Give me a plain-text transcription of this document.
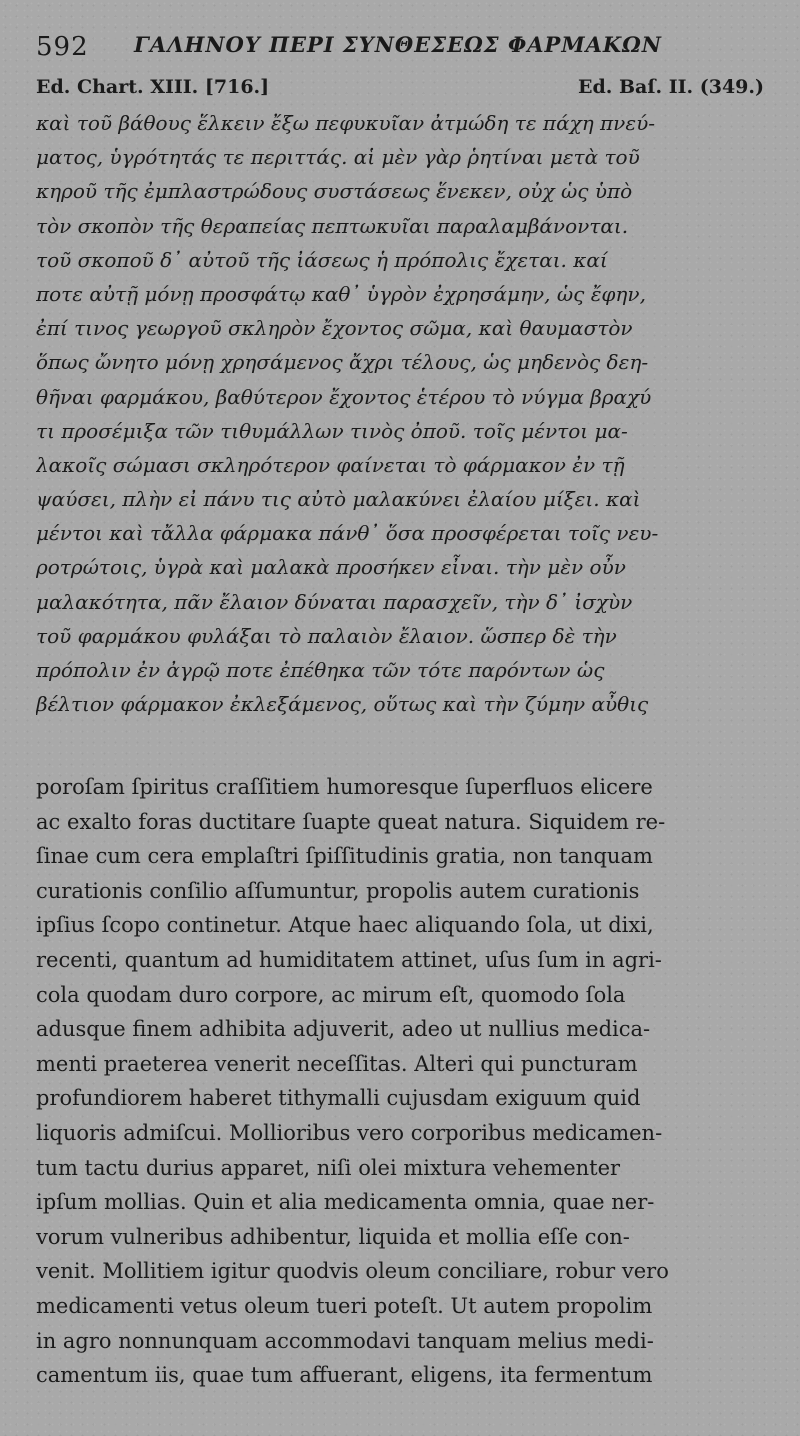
592 ΓΑΛΗΝΟΥ ΠΕΡΙ ΣΥΝΘΕΣΕΩΣ ΦΑΡΜΑΚΩΝ
Ed. Chart. XIII. [716.]	Ed. Baſ. II. (349.)
καὶ τοῦ βάθους ἕλκειν ἔξω πεφυκυῖαν ἀτμώδη τε πάχη πνεύ-
ματος, ὑγρότητάς τε περιττάς. αἱ μὲν γὰρ ῥητίναι μετὰ τοῦ
κηροῦ τῆς ἐμπλαστρώδους συστάσεως ἕνεκεν, οὐχ ὡς ὑπὸ
τὸν σκοπὸν τῆς θεραπείας πεπτωκυῖαι παραλαμβάνονται.
τοῦ σκοποῦ δ᾽ αὐτοῦ τῆς ἰάσεως ἡ πρόπολις ἔχεται. καί
ποτε αὐτῇ μόνῃ προσφάτῳ καθ᾽ ὑγρὸν ἐχρησάμην, ὡς ἔφην,
ἐπί τινος γεωργοῦ σκληρὸν ἔχοντος σῶμα, καὶ θαυμαστὸν
ὅπως ὤνητο μόνῃ χρησάμενος ἄχρι τέλους, ὡς μηδενὸς δεη-
θῆναι φαρμάκου, βαθύτερον ἔχοντος ἑτέρου τὸ νύγμα βραχύ
τι προσέμιξα τῶν τιθυμάλλων τινὸς ὀποῦ. τοῖς μέντοι μα-
λακοῖς σώμασι σκληρότερον φαίνεται τὸ φάρμακον ἐν τῇ
ψαύσει, πλὴν εἰ πάνυ τις αὐτὸ μαλακύνει ἐλαίου μίξει. καὶ
μέντοι καὶ τἄλλα φάρμακα πάνθ᾽ ὅσα προσφέρεται τοῖς νευ-
ροτρώτοις, ὑγρὰ καὶ μαλακὰ προσήκεν εἶναι. τὴν μὲν οὖν
μαλακότητα, πᾶν ἔλαιον δύναται παρασχεῖν, τὴν δ᾽ ἰσχὺν
τοῦ φαρμάκου φυλάξαι τὸ παλαιὸν ἔλαιον. ὥσπερ δὲ τὴν
πρόπολιν ἐν ἀγρῷ ποτε ἐπέθηκα τῶν τότε παρόντων ὡς
βέλτιον φάρμακον ἐκλεξάμενος, οὕτως καὶ τὴν ζύμην αὖθις
poroſam ſpiritus craſſitiem humoresque ſuperfluos elicere
ac exalto foras ductitare ſuapte queat natura. Siquidem re-
ſinae cum cera emplaſtri ſpiſſitudinis gratia, non tanquam
curationis conſilio aſſumuntur, propolis autem curationis
ipſius ſcopo continetur. Atque haec aliquando ſola, ut dixi,
recenti, quantum ad humiditatem attinet, uſus ſum in agri-
cola quodam duro corpore, ac mirum eſt, quomodo ſola
adusque finem adhibita adjuverit, adeo ut nullius medica-
menti praeterea venerit neceſſitas. Alteri qui puncturam
profundiorem haberet tithymalli cujusdam exiguum quid
liquoris admiſcui. Mollioribus vero corporibus medicamen-
tum tactu durius apparet, niſi olei mixtura vehementer
ipſum mollias. Quin et alia medicamenta omnia, quae ner-
vorum vulneribus adhibentur, liquida et mollia eſſe con-
venit. Mollitiem igitur quodvis oleum conciliare, robur vero
medicamenti vetus oleum tueri poteſt. Ut autem propolim
in agro nonnunquam accommodavi tanquam melius medi-
camentum iis, quae tum affuerant, eligens, ita fermentum
